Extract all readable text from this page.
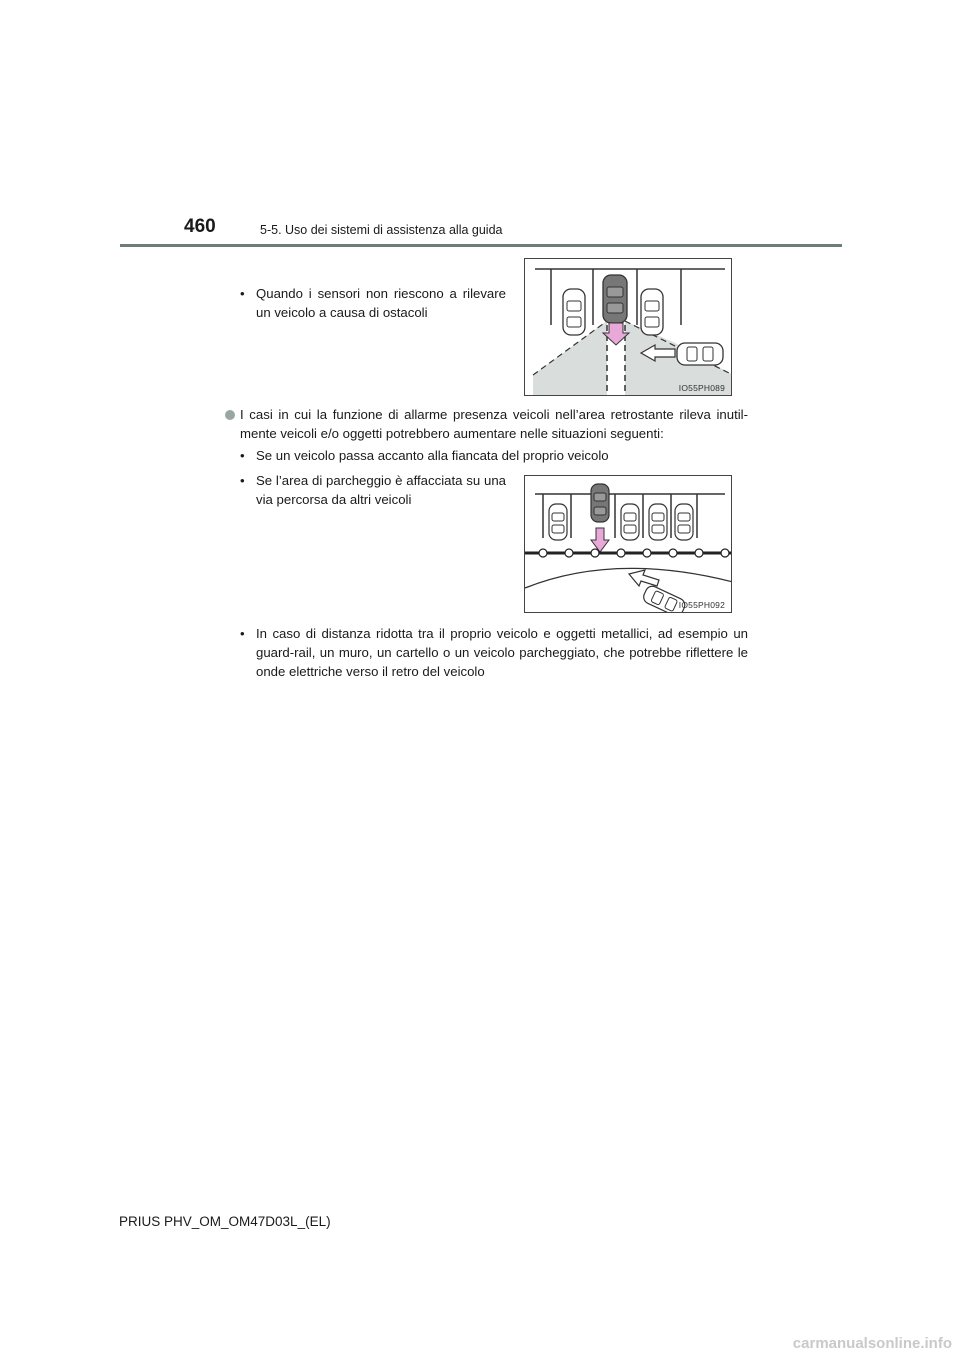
460	5-5. Uso dei sistemi di assistenza alla guida
• Quando i sensori non riescono a rilevare un veicolo a causa di ostacoli
IO55PH089
I casi in cui la funzione di allarme presenza veicoli nell’area retrostante rileva inutil-mente veicoli e/o oggetti potrebbero aumentare nelle situazioni seguenti:
• Se un veicolo passa accanto alla fiancata del proprio veicolo
• Se l’area di parcheggio è affacciata su una via percorsa da altri veicoli
IO55PH092
• In caso di distanza ridotta tra il proprio veicolo e oggetti metallici, ad esempio un guard-rail, un muro, un cartello o un veicolo parcheggiato, che potrebbe riflettere le onde elettriche verso il retro del veicolo
PRIUS PHV_OM_OM47D03L_(EL)
carmanualsonline.info
